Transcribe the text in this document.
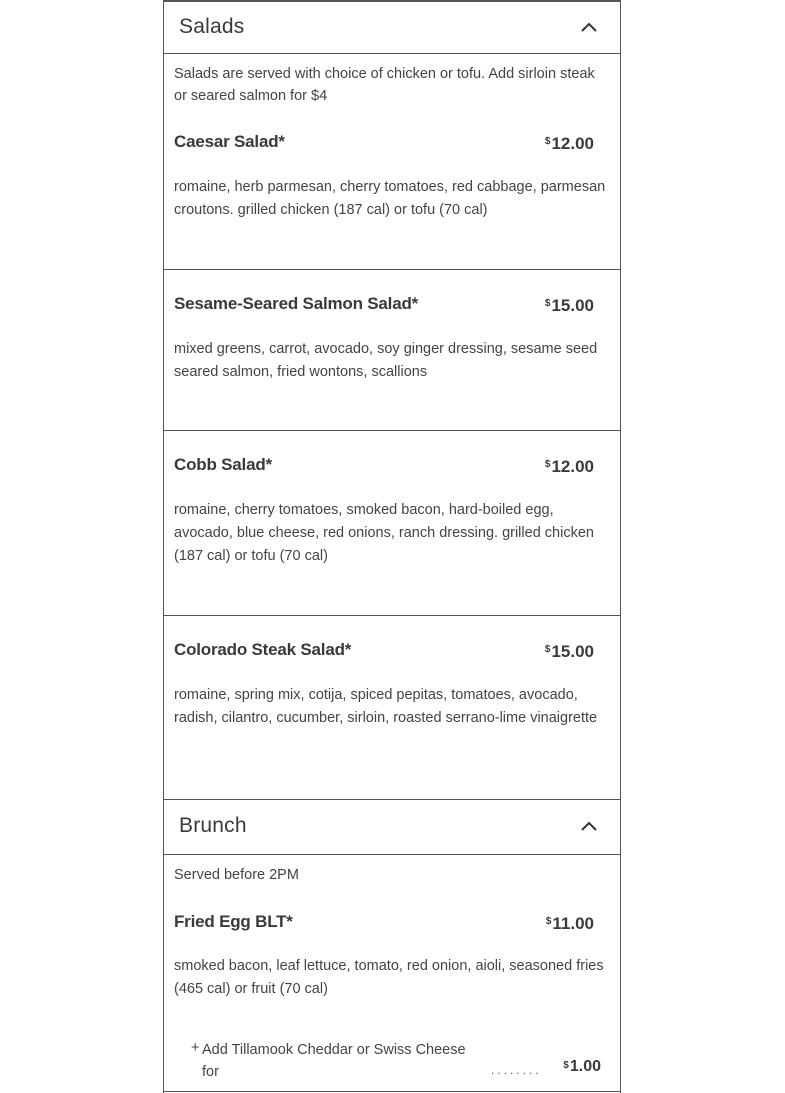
Salads
Salads are served with choice of chicken or tofu. Add sirloin steak or seared salmon for $4
Caesar Salad*	$12.00
romaine, herb parmesan, cherry tomatoes, red cabbage, parmesan croutons. grilled chicken (187 cal) or tofu (70 cal)
Sesame-Seared Salmon Salad*	$15.00
mixed greens, carrot, avocado, soy ginger dressing, sesame seed seared salmon, fried wontons, scallions
Cobb Salad*	$12.00
romaine, cherry tomatoes, smoked bacon, hard-boiled egg, avocado, blue cheese, red onions, ranch dressing. grilled chicken (187 cal) or tofu (70 cal)
Colorado Steak Salad*	$15.00
romaine, spring mix, cotija, spiced pepitas, tomatoes, avocado, radish, cilantro, cucumber, sirloin, roasted serrano-lime vinaigrette
Brunch
Served before 2PM
Fried Egg BLT*	$11.00
smoked bacon, leaf lettuce, tomato, red onion, aioli, seasoned fries (465 cal) or fruit (70 cal)
+ Add Tillamook Cheddar or Swiss Cheese for	........ $1.00
